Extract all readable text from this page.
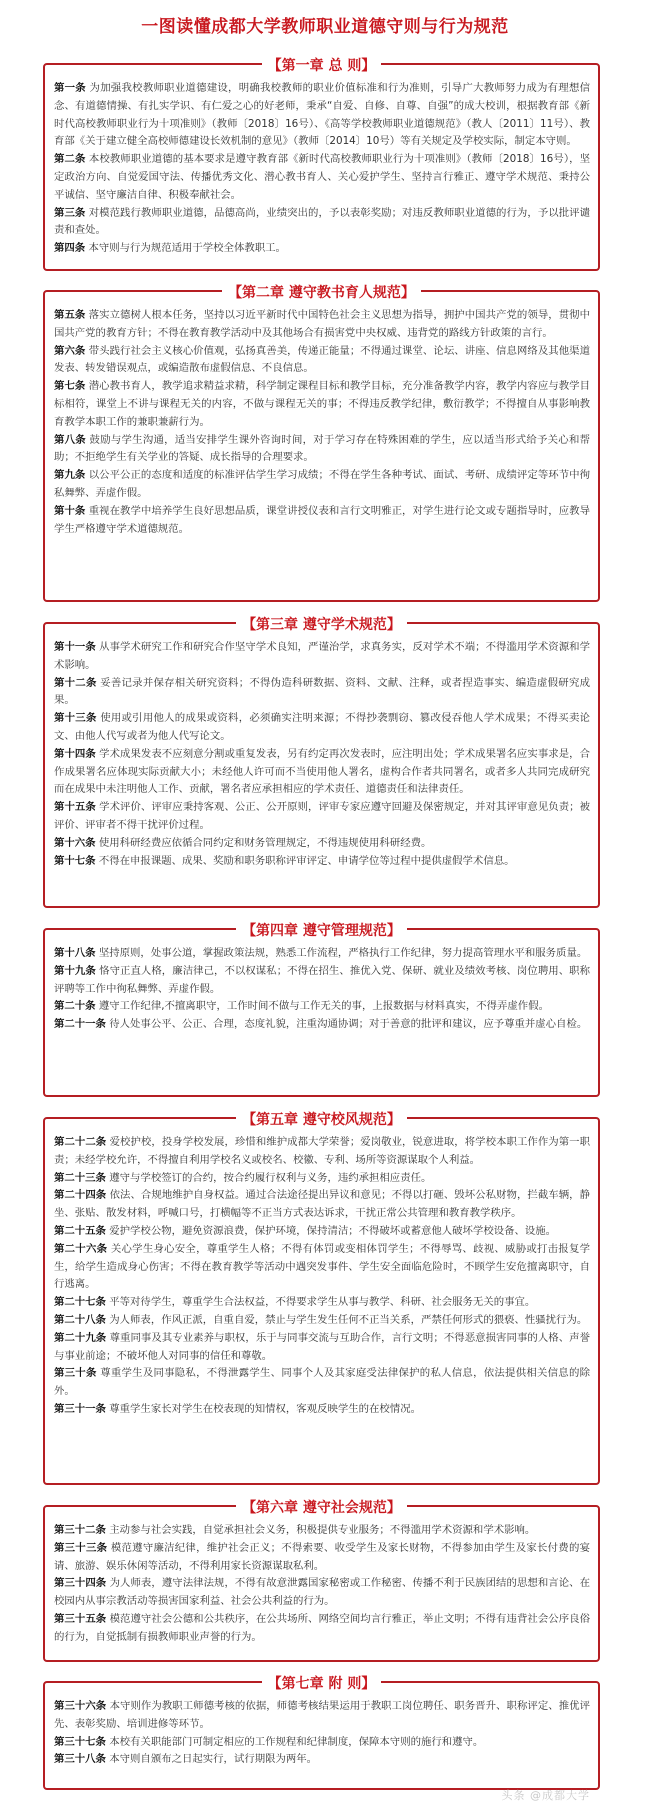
一图读懂成都大学教师职业道德守则与行为规范
【第一章 总 则】

第一条 为加强我校教师职业道德建设，明确我校教师的职业价值标准和行为准则，引导广大教师努力成为有理想信念、有道德情操、有扎实学识、有仁爱之心的好老师，秉承“自爱、自修、自尊、自强”的成大校训，根据教育部《新时代高校教师职业行为十项准则》（教师〔2018〕16号）、《高等学校教师职业道德规范》（教人〔2011〕11号）、教育部《关于建立健全高校师德建设长效机制的意见》（教师〔2014〕10号）等有关规定及学校实际，制定本守则。

第二条 本校教师职业道德的基本要求是遵守教育部《新时代高校教师职业行为十项准则》（教师〔2018〕16号），坚定政治方向、自觉爱国守法、传播优秀文化、潜心教书育人、关心爱护学生、坚持言行雅正、遵守学术规范、秉持公平诚信、坚守廉洁自律、积极奉献社会。

第三条 对模范践行教师职业道德，品德高尚，业绩突出的，予以表彰奖励；对违反教师职业道德的行为，予以批评谴责和查处。

第四条 本守则与行为规范适用于学校全体教职工。

【第二章 遵守教书育人规范】

第五条 落实立德树人根本任务，坚持以习近平新时代中国特色社会主义思想为指导，拥护中国共产党的领导，贯彻中国共产党的教育方针；不得在教育教学活动中及其他场合有损害党中央权威、违背党的路线方针政策的言行。

第六条 带头践行社会主义核心价值观，弘扬真善美，传递正能量；不得通过课堂、论坛、讲座、信息网络及其他渠道发表、转发错误观点，或编造散布虚假信息、不良信息。

第七条 潜心教书育人，教学追求精益求精，科学制定课程目标和教学目标，充分准备教学内容，教学内容应与教学目标相符，课堂上不讲与课程无关的内容，不做与课程无关的事；不得违反教学纪律，敷衍教学；不得擅自从事影响教育教学本职工作的兼职兼薪行为。

第八条 鼓励与学生沟通，适当安排学生课外咨询时间，对于学习存在特殊困难的学生，应以适当形式给予关心和帮助；不拒绝学生有关学业的答疑、成长指导的合理要求。

第九条 以公平公正的态度和适度的标准评估学生学习成绩；不得在学生各种考试、面试、考研、成绩评定等环节中徇私舞弊、弄虚作假。

第十条 重视在教学中培养学生良好思想品质，课堂讲授仪表和言行文明雅正，对学生进行论文或专题指导时，应教导学生严格遵守学术道德规范。

【第三章 遵守学术规范】

第十一条 从事学术研究工作和研究合作坚守学术良知，严谨治学，求真务实，反对学术不端；不得滥用学术资源和学术影响。

第十二条 妥善记录并保存相关研究资料；不得伪造科研数据、资料、文献、注释，或者捏造事实、编造虚假研究成果。

第十三条 使用或引用他人的成果或资料，必须确实注明来源；不得抄袭剽窃、篡改侵吞他人学术成果；不得买卖论文、由他人代写或者为他人代写论文。

第十四条 学术成果发表不应刻意分割或重复发表，另有约定再次发表时，应注明出处；学术成果署名应实事求是，合作成果署名应体现实际贡献大小；未经他人许可而不当使用他人署名，虚构合作者共同署名，或者多人共同完成研究而在成果中未注明他人工作、贡献，署名者应承担相应的学术责任、道德责任和法律责任。

第十五条 学术评价、评审应秉持客观、公正、公开原则，评审专家应遵守回避及保密规定，并对其评审意见负责；被评价、评审者不得干扰评价过程。

第十六条 使用科研经费应依循合同约定和财务管理规定，不得违规使用科研经费。

第十七条 不得在申报课题、成果、奖励和职务职称评审评定、申请学位等过程中提供虚假学术信息。

【第四章 遵守管理规范】

第十八条 坚持原则，处事公道，掌握政策法规，熟悉工作流程，严格执行工作纪律，努力提高管理水平和服务质量。

第十九条 恪守正直人格，廉洁律己，不以权谋私；不得在招生、推优入党、保研、就业及绩效考核、岗位聘用、职称评聘等工作中徇私舞弊、弄虚作假。

第二十条 遵守工作纪律,不擅离职守，工作时间不做与工作无关的事，上报数据与材料真实，不得弄虚作假。

第二十一条 待人处事公平、公正、合理，态度礼貌，注重沟通协调；对于善意的批评和建议，应予尊重并虚心自检。

【第五章 遵守校风规范】

第二十二条 爱校护校，投身学校发展，珍惜和维护成都大学荣誉；爱岗敬业，锐意进取，将学校本职工作作为第一职责；未经学校允许，不得擅自利用学校名义或校名、校徽、专利、场所等资源谋取个人利益。

第二十三条 遵守与学校签订的合约，按合约履行权利与义务，违约承担相应责任。

第二十四条 依法、合规地维护自身权益。通过合法途径提出异议和意见；不得以打砸、毁坏公私财物，拦截车辆，静坐、张贴、散发材料，呼喊口号，打横幅等不正当方式表达诉求，干扰正常公共管理和教育教学秩序。

第二十五条 爱护学校公物，避免资源浪费，保护环境，保持清洁；不得破坏或蓄意他人破坏学校设备、设施。

第二十六条 关心学生身心安全，尊重学生人格；不得有体罚或变相体罚学生；不得辱骂、歧视、威胁或打击报复学生，给学生造成身心伤害；不得在教育教学等活动中遇突发事件、学生安全面临危险时，不顾学生安危擅离职守，自行逃离。

第二十七条 平等对待学生，尊重学生合法权益，不得要求学生从事与教学、科研、社会服务无关的事宜。

第二十八条 为人师表，作风正派，自重自爱，禁止与学生发生任何不正当关系，严禁任何形式的猥亵、性骚扰行为。

第二十九条 尊重同事及其专业素养与职权，乐于与同事交流与互助合作，言行文明；不得恶意损害同事的人格、声誉与事业前途；不破坏他人对同事的信任和尊敬。

第三十条 尊重学生及同事隐私，不得泄露学生、同事个人及其家庭受法律保护的私人信息，依法提供相关信息的除外。

第三十一条 尊重学生家长对学生在校表现的知情权，客观反映学生的在校情况。

【第六章 遵守社会规范】

第三十二条 主动参与社会实践，自觉承担社会义务，积极提供专业服务；不得滥用学术资源和学术影响。

第三十三条 模范遵守廉洁纪律，维护社会正义；不得索要、收受学生及家长财物，不得参加由学生及家长付费的宴请、旅游、娱乐休闲等活动，不得利用家长资源谋取私利。

第三十四条 为人师表，遵守法律法规，不得有故意泄露国家秘密或工作秘密、传播不利于民族团结的思想和言论、在校园内从事宗教活动等损害国家利益、社会公共利益的行为。

第三十五条 模范遵守社会公德和公共秩序，在公共场所、网络空间均言行雅正，举止文明；不得有违背社会公序良俗的行为，自觉抵制有损教师职业声誉的行为。

【第七章 附 则】

第三十六条 本守则作为教职工师德考核的依据，师德考核结果运用于教职工岗位聘任、职务晋升、职称评定、推优评先、表彰奖励、培训进修等环节。

第三十七条 本校有关职能部门可制定相应的工作规程和纪律制度，保障本守则的施行和遵守。

第三十八条 本守则自颁布之日起实行，试行期限为两年。

头条 @成都大学
